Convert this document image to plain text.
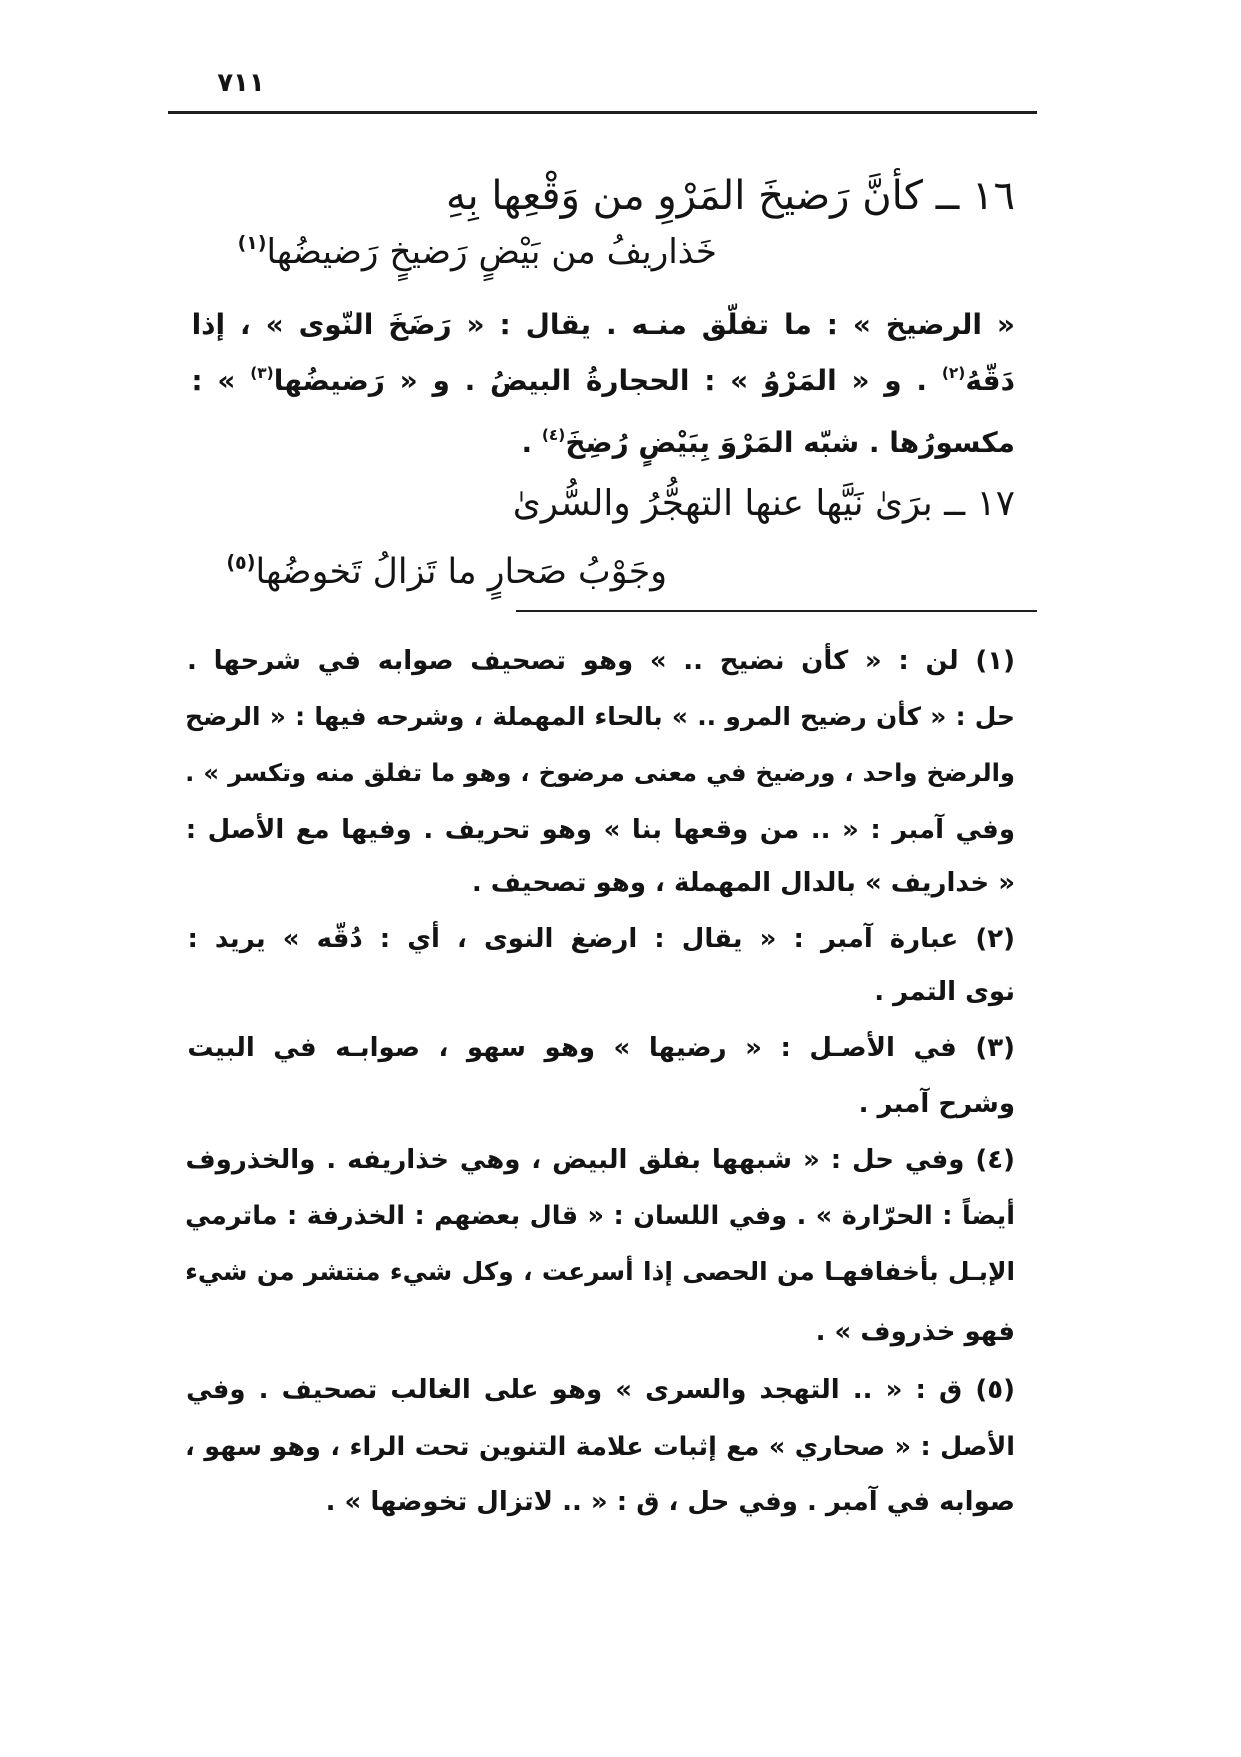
٧١١
١٦ ــ كأنَّ رَضيخَ المَرْوِ من وَقْعِها بِهِ
خَذاريفُ من بَيْضٍ رَضيخٍ رَضيضُها$^{(١)}$
« الرضيخ » : ما تفلّق منـه . يقال : « رَضَخَ النّوى » ، إذا
دَقّهُ$^{(٢)}$ . و « المَرْوُ » : الحجارةُ البيضُ . و « رَضيضُها$^{(٣)}$ » :
مكسورُها . شبّه المَرْوَ بِبَيْضٍ رُضِخَ$^{(٤)}$ .
١٧ ــ برَىٰ نَيَّها عنها التهجُّرُ والسُّرىٰ
وجَوْبُ صَحارٍ ما تَزالُ تَخوضُها$^{(٥)}$
(١) لن : « كأن نضيح .. » وهو تصحيف صوابه في شرحها .
حل : « كأن رضيح المرو .. » بالحاء المهملة ، وشرحه فيها : « الرضح
والرضخ واحد ، ورضيخ في معنى مرضوخ ، وهو ما تفلق منه وتكسر » .
وفي آمبر : « .. من وقعها بنا » وهو تحريف . وفيها مع الأصل :
« خداريف » بالدال المهملة ، وهو تصحيف .
(٢) عبارة آمبر : « يقال : ارضغ النوى ، أي : دُقّه » يريد :
نوى التمر .
(٣) في الأصـل : « رضيها » وهو سهو ، صوابـه في البيت
وشرح آمبر .
(٤) وفي حل : « شبهها بفلق البيض ، وهي خذاريفه . والخذروف
أيضاً : الحرّارة » . وفي اللسان : « قال بعضهم : الخذرفة : ماترمي
الإبـل بأخفافهـا من الحصى إذا أسرعت ، وكل شيء منتشر من شيء
فهو خذروف » .
(٥) ق : « .. التهجد والسرى » وهو على الغالب تصحيف . وفي
الأصل : « صحاري » مع إثبات علامة التنوين تحت الراء ، وهو سهو ،
صوابه في آمبر . وفي حل ، ق : « .. لاتزال تخوضها » .
